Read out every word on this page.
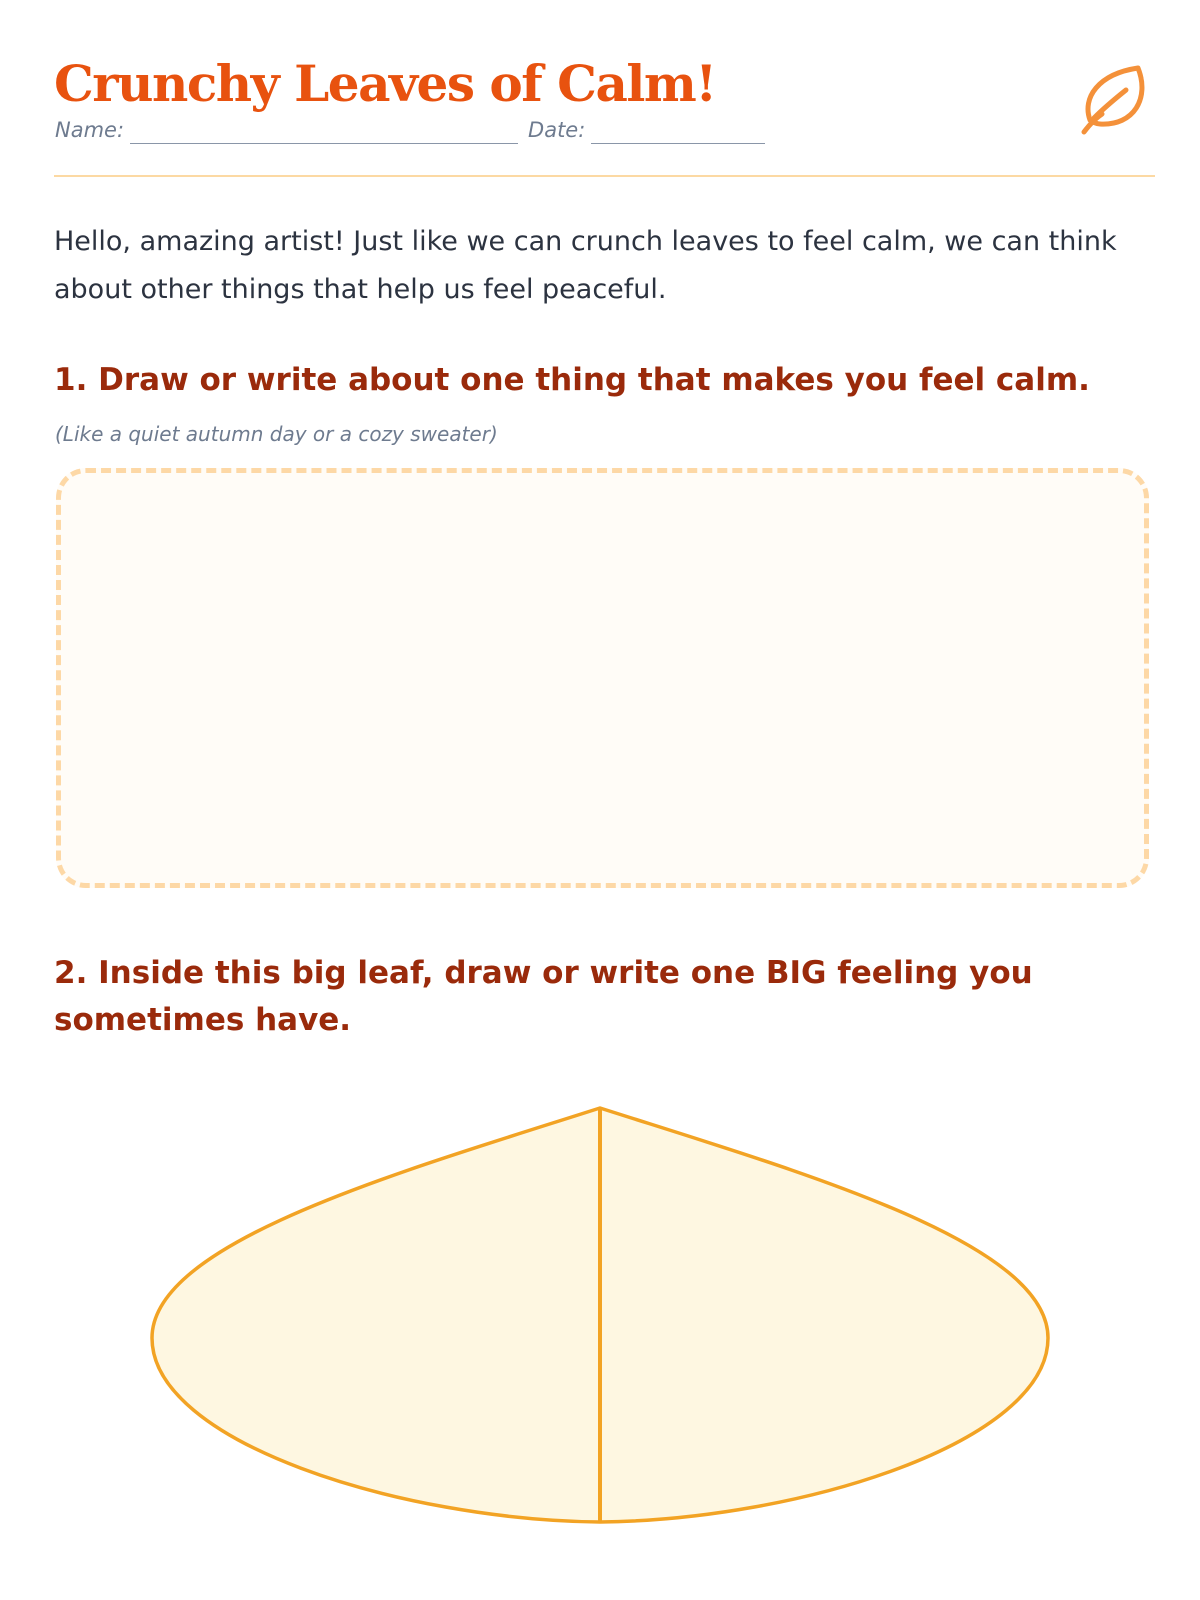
Crunchy Leaves of Calm!
Name:	Date:

Hello, amazing artist! Just like we can crunch leaves to feel calm, we can think about other things that help us feel peaceful.

1. Draw or write about one thing that makes you feel calm.

(Like a quiet autumn day or a cozy sweater)

2. Inside this big leaf, draw or write one BIG feeling you sometimes have.
